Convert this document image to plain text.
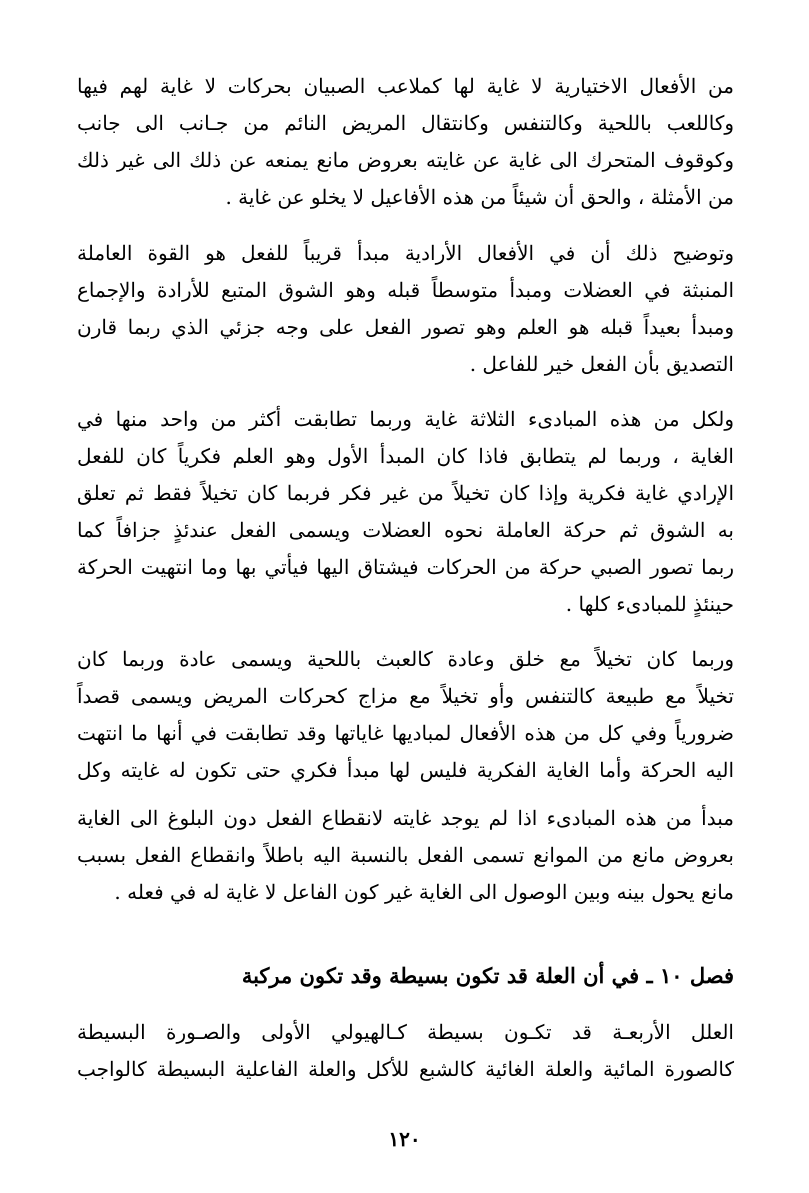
من الأفعال الاختيارية لا غاية لها كملاعب الصبيان بحركات لا غاية لهم فيها
وكاللعب باللحية وكالتنفس وكانتقال المريض النائم من جـانب الى جانب
وكوقوف المتحرك الى غاية عن غايته بعروض مانع يمنعه عن ذلك الى غير ذلك
من الأمثلة ، والحق أن شيئاً من هذه الأفاعيل لا يخلو عن غاية .
وتوضيح ذلك أن في الأفعال الأرادية مبدأ قريباً للفعل هو القوة العاملة
المنبثة في العضلات ومبدأ متوسطاً قبله وهو الشوق المتبع للأرادة والإجماع
ومبدأ بعيداً قبله هو العلم وهو تصور الفعل على وجه جزئي الذي ربما قارن
التصديق بأن الفعل خير للفاعل .
ولكل من هذه المبادىء الثلاثة غاية وربما تطابقت أكثر من واحد منها في
الغاية ، وربما لم يتطابق فاذا كان المبدأ الأول وهو العلم فكرياً كان للفعل
الإرادي غاية فكرية وإذا كان تخيلاً من غير فكر فربما كان تخيلاً فقط ثم تعلق
به الشوق ثم حركة العاملة نحوه العضلات ويسمى الفعل عندئذٍ جزافاً كما
ربما تصور الصبي حركة من الحركات فيشتاق اليها فيأتي بها وما انتهيت الحركة
حينئذٍ للمبادىء كلها .
وربما كان تخيلاً مع خلق وعادة كالعبث باللحية ويسمى عادة وربما كان
تخيلاً مع طبيعة كالتنفس وأو تخيلاً مع مزاج كحركات المريض ويسمى قصداً
ضرورياً وفي كل من هذه الأفعال لمباديها غاياتها وقد تطابقت في أنها ما انتهت
اليه الحركة وأما الغاية الفكرية فليس لها مبدأ فكري حتى تكون له غايته وكل
مبدأ من هذه المبادىء اذا لم يوجد غايته لانقطاع الفعل دون البلوغ الى الغاية
بعروض مانع من الموانع تسمى الفعل بالنسبة اليه باطلاً وانقطاع الفعل بسبب
مانع يحول بينه وبين الوصول الى الغاية غير كون الفاعل لا غاية له في فعله .
فصل ١٠ ـ في أن العلة قد تكون بسيطة وقد تكون مركبة
العلل الأربعـة قد تكـون بسيطة كـالهيولي الأولى والصـورة البسيطة
كالصورة المائية والعلة الغائية كالشبع للأكل والعلة الفاعلية البسيطة كالواجب
١٢٠
